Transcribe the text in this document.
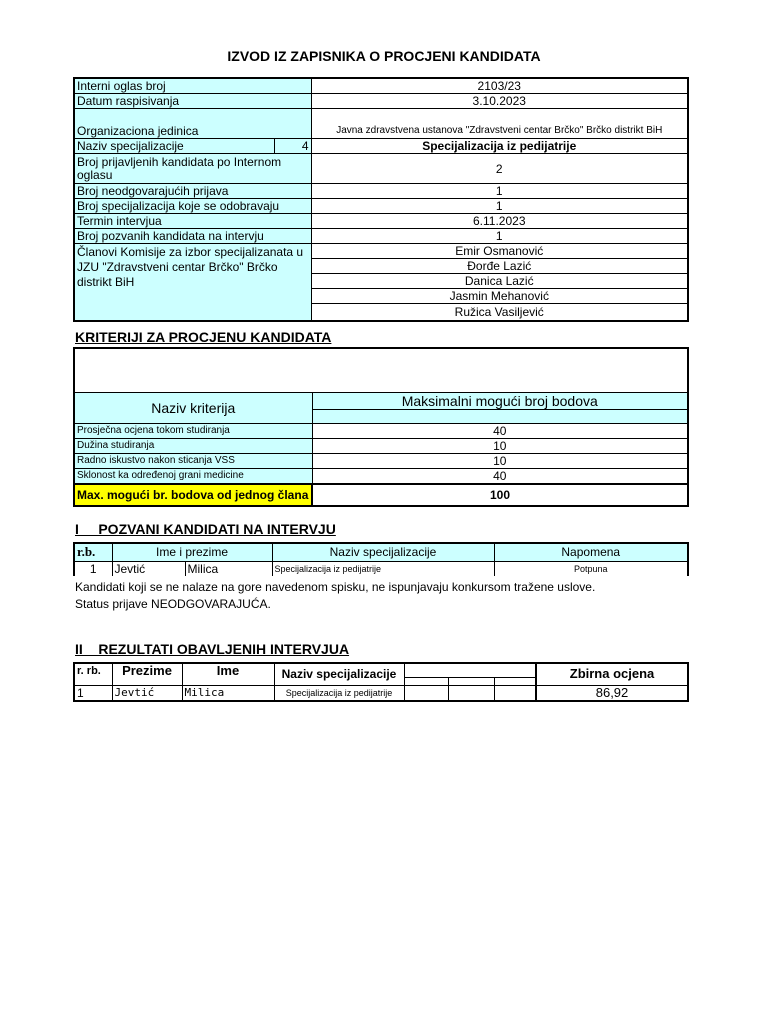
IZVOD IZ ZAPISNIKA O PROCJENI KANDIDATA
Interni oglas broj		2103/23
Datum raspisivanja		3.10.2023
Organizaciona jedinica		Javna zdravstvena ustanova "Zdravstveni centar Brčko" Brčko distrikt BiH
Naziv specijalizacije	4	Specijalizacija iz pedijatrije
Broj prijavljenih kandidata po Internom oglasu		2
Broj neodgovarajućih prijava		1
Broj specijalizacija koje se odobravaju		1
Termin intervjua		6.11.2023
Broj pozvanih kandidata na intervju		1
Članovi Komisije za izbor specijalizanata u JZU "Zdravstveni centar Brčko" Brčko distrikt BiH		Emir Osmanović
		Đorđe Lazić
		Danica Lazić
		Jasmin Mehanović
		Ružica Vasiljević
KRITERIJI ZA PROCJENU KANDIDATA

Naziv kriterija	Maksimalni mogući broj bodova

Prosječna ocjena tokom studiranja	40
Dužina studiranja	10
Radno iskustvo nakon sticanja VSS	10
Sklonost ka određenoj grani medicine	40
Max. mogući br. bodova od jednog člana	100
I     POZVANI KANDIDATI NA INTERVJU
r.b.	Ime i prezime	Naziv specijalizacije	Napomena
1	Jevtić Milica	Specijalizacija iz pedijatrije	Potpuna
Kandidati koji se ne nalaze na gore navedenom spisku, ne ispunjavaju konkursom tražene uslove.
Status prijave NEODGOVARAJUĆA.
II    REZULTATI OBAVLJENIH INTERVJUA
r. rb.	Prezime	Ime	Naziv specijalizacije				Zbirna ocjena

1	Jevtić	Milica	Specijalizacija iz pedijatrije				86,92
